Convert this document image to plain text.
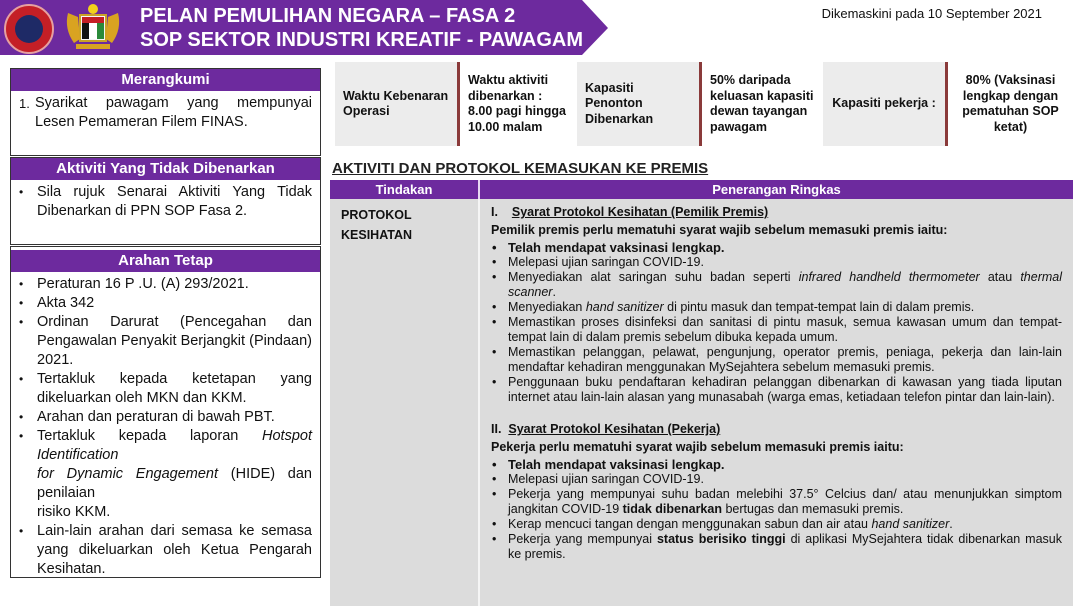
PELAN PEMULIHAN NEGARA – FASA 2
SOP SEKTOR INDUSTRI KREATIF - PAWAGAM
Dikemaskini pada 10 September 2021
Merangkumi
1. Syarikat pawagam yang mempunyai Lesen Pemameran Filem FINAS.
Aktiviti Yang Tidak Dibenarkan
• Sila rujuk Senarai Aktiviti Yang Tidak Dibenarkan di PPN SOP Fasa 2.
Arahan Tetap
• Peraturan 16 P .U. (A) 293/2021.
• Akta 342
• Ordinan Darurat (Pencegahan dan Pengawalan Penyakit Berjangkit (Pindaan) 2021.
• Tertakluk kepada ketetapan yang dikeluarkan oleh MKN dan KKM.
• Arahan dan peraturan di bawah PBT.
• Tertakluk kepada laporan Hotspot Identification
for Dynamic Engagement (HIDE) dan penilaian
risiko KKM.
• Lain-lain arahan dari semasa ke semasa yang dikeluarkan oleh Ketua Pengarah Kesihatan.
Waktu Kebenaran Operasi
Waktu aktiviti dibenarkan : 8.00 pagi hingga 10.00 malam
Kapasiti Penonton Dibenarkan
50% daripada keluasan kapasiti dewan tayangan pawagam
Kapasiti pekerja :
80% (Vaksinasi lengkap dengan pematuhan SOP ketat)
AKTIVITI DAN PROTOKOL KEMASUKAN KE PREMIS
Tindakan	Penerangan Ringkas
PROTOKOL
KESIHATAN
I. Syarat Protokol Kesihatan (Pemilik Premis)
Pemilik premis perlu mematuhi syarat wajib sebelum memasuki premis iaitu:
• Telah mendapat vaksinasi lengkap.
• Melepasi ujian saringan COVID-19.
• Menyediakan alat saringan suhu badan seperti infrared handheld thermometer atau thermal scanner.
• Menyediakan hand sanitizer di pintu masuk dan tempat-tempat lain di dalam premis.
• Memastikan proses disinfeksi dan sanitasi di pintu masuk, semua kawasan umum dan tempat-tempat lain di dalam premis sebelum dibuka kepada umum.
• Memastikan pelanggan, pelawat, pengunjung, operator premis, peniaga, pekerja dan lain-lain mendaftar kehadiran menggunakan MySejahtera sebelum memasuki premis.
• Penggunaan buku pendaftaran kehadiran pelanggan dibenarkan di kawasan yang tiada liputan internet atau lain-lain alasan yang munasabah (warga emas, ketiadaan telefon pintar dan lain-lain).
II. Syarat Protokol Kesihatan (Pekerja)
Pekerja perlu mematuhi syarat wajib sebelum memasuki premis iaitu:
• Telah mendapat vaksinasi lengkap.
• Melepasi ujian saringan COVID-19.
• Pekerja yang mempunyai suhu badan melebihi 37.5° Celcius dan/ atau menunjukkan simptom jangkitan COVID-19 tidak dibenarkan bertugas dan memasuki premis.
• Kerap mencuci tangan dengan menggunakan sabun dan air atau hand sanitizer.
• Pekerja yang mempunyai status berisiko tinggi di aplikasi MySejahtera tidak dibenarkan masuk ke premis.
